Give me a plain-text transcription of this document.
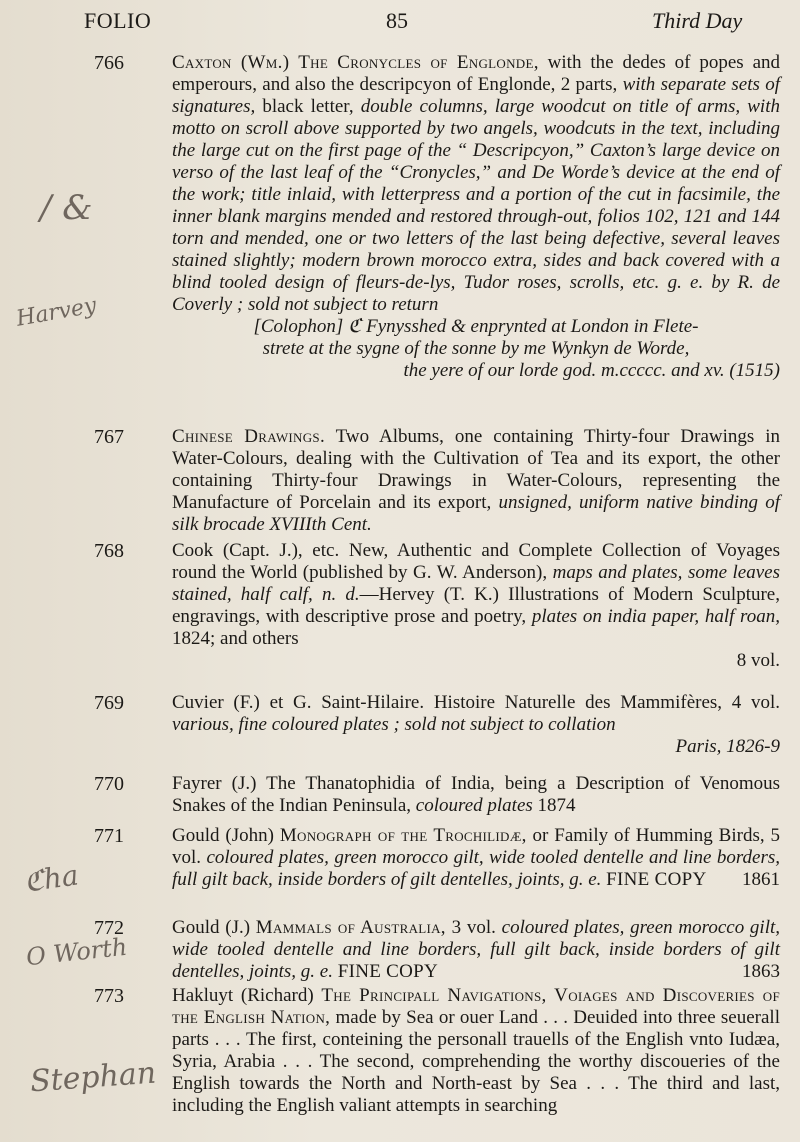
FOLIO	85	Third Day
766	Caxton (Wm.) The Cronycles of Englonde, with the dedes of popes and emperours, and also the descripcyon of Englonde, 2 parts, with separate sets of signatures, black letter, double columns, large woodcut on title of arms, with motto on scroll above supported by two angels, woodcuts in the text, including the large cut on the first page of the “ Descripcyon,” Caxton’s large device on verso of the last leaf of the “Cronycles,” and De Worde’s device at the end of the work; title inlaid, with letterpress and a portion of the cut in facsimile, the inner blank margins mended and restored through-out, folios 102, 121 and 144 torn and mended, one or two letters of the last being defective, several leaves stained slightly; modern brown morocco extra, sides and back covered with a blind tooled design of fleurs-de-lys, Tudor roses, scrolls, etc. g. e. by R. de Coverly ; sold not subject to return
[Colophon] ℭ Fynysshed & enprynted at London in Flete-
strete at the sygne of the sonne by me Wynkyn de Worde,
the yere of our lorde god. m.ccccc. and xv. (1515)

767	Chinese Drawings. Two Albums, one containing Thirty-four Drawings in Water-Colours, dealing with the Cultivation of Tea and its export, the other containing Thirty-four Drawings in Water-Colours, representing the Manufacture of Porcelain and its export, unsigned, uniform native binding of silk brocade XVIIIth Cent.

768	Cook (Capt. J.), etc. New, Authentic and Complete Collection of Voyages round the World (published by G. W. Anderson), maps and plates, some leaves stained, half calf, n. d.—Hervey (T. K.) Illustrations of Modern Sculpture, engravings, with descriptive prose and poetry, plates on india paper, half roan, 1824; and others
8 vol.

769	Cuvier (F.) et G. Saint-Hilaire. Histoire Naturelle des Mammifères, 4 vol. various, fine coloured plates ; sold not subject to collation
Paris, 1826-9

770	Fayrer (J.) The Thanatophidia of India, being a Description of Venomous Snakes of the Indian Peninsula, coloured plates 1874

771	Gould (John) Monograph of the Trochilidæ, or Family of Humming Birds, 5 vol. coloured plates, green morocco gilt, wide tooled dentelle and line borders, full gilt back, inside borders of gilt dentelles, joints, g. e. FINE COPY 1861

772	Gould (J.) Mammals of Australia, 3 vol. coloured plates, green morocco gilt, wide tooled dentelle and line borders, full gilt back, inside borders of gilt dentelles, joints, g. e. FINE COPY	1863

773	Hakluyt (Richard) The Principall Navigations, Voiages and Discoveries of the English Nation, made by Sea or ouer Land . . . Deuided into three seuerall parts . . . The first, conteining the personall trauells of the English vnto Iudæa, Syria, Arabia . . . The second, comprehending the worthy discoueries of the English towards the North and North-east by Sea . . . The third and last, including the English valiant attempts in searching

/ &
Harvey
ℭha
O Worth
Stephan
